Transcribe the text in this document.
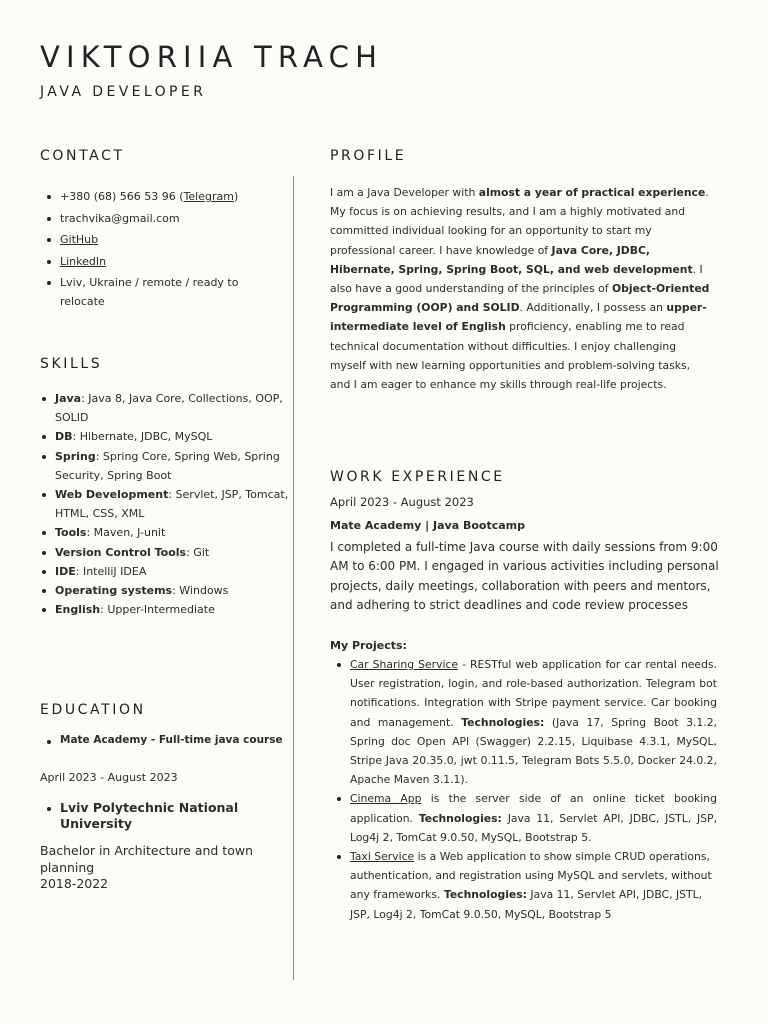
VIKTORIIA TRACH
JAVA DEVELOPER
CONTACT
+380 (68) 566 53 96 (Telegram)
trachvika@gmail.com
GitHub
LinkedIn
Lviv, Ukraine / remote / ready to relocate
SKILLS
Java: Java 8, Java Core, Collections, OOP, SOLID
DB: Hibernate, JDBC, MySQL
Spring: Spring Core, Spring Web, Spring Security, Spring Boot
Web Development: Servlet, JSP, Tomcat, HTML, CSS, XML
Tools: Maven, J-unit
Version Control Tools: Git
IDE: IntelliJ IDEA
Operating systems: Windows
English: Upper-Intermediate
EDUCATION
Mate Academy - Full-time java course
April 2023 - August 2023
Lviv Polytechnic National University
Bachelor in Architecture and town planning
2018-2022
PROFILE

I am a Java Developer with almost a year of practical experience. My focus is on achieving results, and I am a highly motivated and committed individual looking for an opportunity to start my professional career. I have knowledge of Java Core, JDBC, Hibernate, Spring, Spring Boot, SQL, and web development. I also have a good understanding of the principles of Object-Oriented Programming (OOP) and SOLID. Additionally, I possess an upper-intermediate level of English proficiency, enabling me to read technical documentation without difficulties. I enjoy challenging myself with new learning opportunities and problem-solving tasks, and I am eager to enhance my skills through real-life projects.

WORK EXPERIENCE
April 2023 - August 2023
Mate Academy | Java Bootcamp

I completed a full-time Java course with daily sessions from 9:00 AM to 6:00 PM. I engaged in various activities including personal projects, daily meetings, collaboration with peers and mentors, and adhering to strict deadlines and code review processes

My Projects:
Car Sharing Service - RESTful web application for car rental needs. User registration, login, and role-based authorization. Telegram bot notifications. Integration with Stripe payment service. Car booking and management. Technologies: (Java 17, Spring Boot 3.1.2, Spring doc Open API (Swagger) 2.2.15, Liquibase 4.3.1, MySQL, Stripe Java 20.35.0, jwt 0.11.5, Telegram Bots 5.5.0, Docker 24.0.2, Apache Maven 3.1.1).
Cinema App is the server side of an online ticket booking application. Technologies: Java 11, Servlet API, JDBC, JSTL, JSP, Log4j 2, TomCat 9.0.50, MySQL, Bootstrap 5.
Taxi Service is a Web application to show simple CRUD operations, authentication, and registration using MySQL and servlets, without any frameworks. Technologies: Java 11, Servlet API, JDBC, JSTL, JSP, Log4j 2, TomCat 9.0.50, MySQL, Bootstrap 5
